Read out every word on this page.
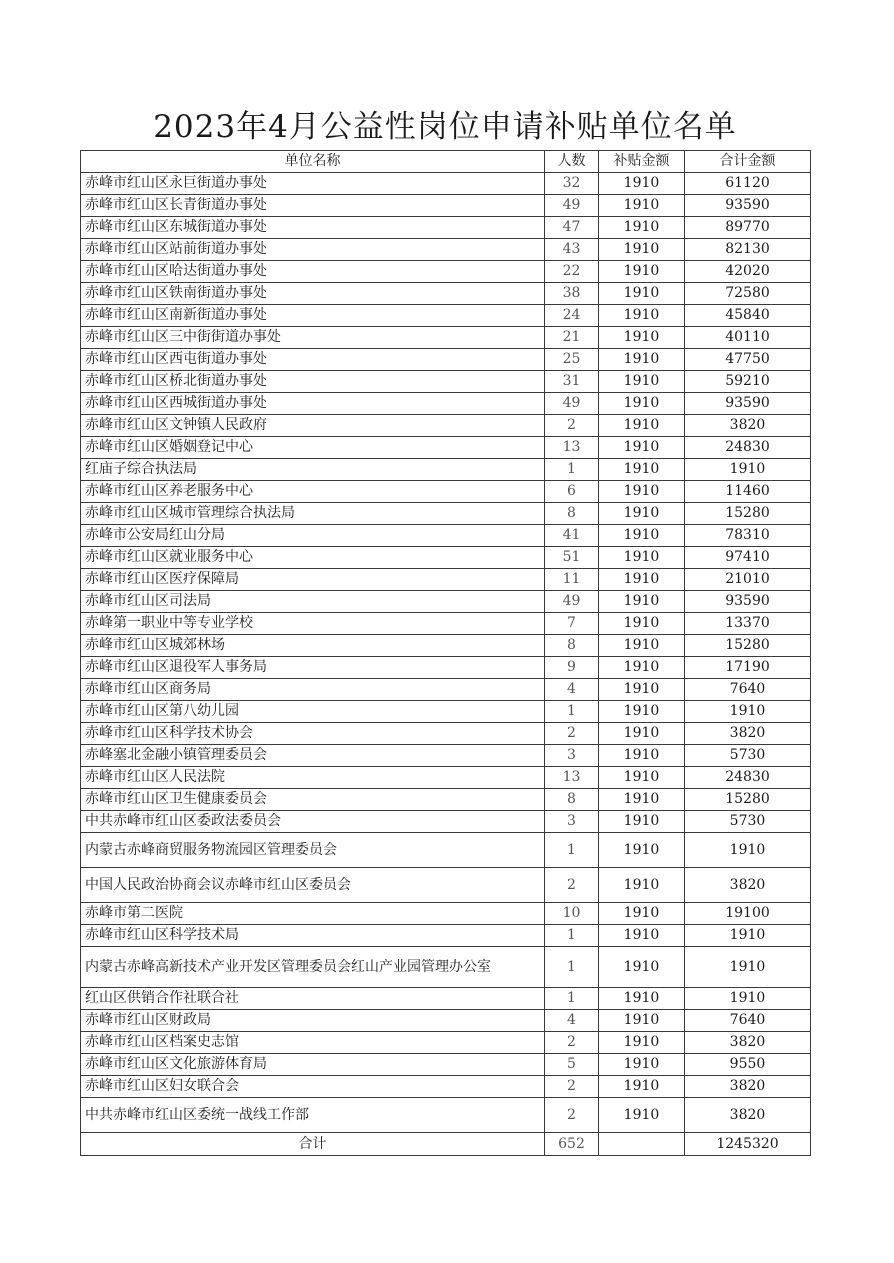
2023年4月公益性岗位申请补贴单位名单
单位名称	人数	补贴金额	合计金额
赤峰市红山区永巨街道办事处	32	1910	61120
赤峰市红山区长青街道办事处	49	1910	93590
赤峰市红山区东城街道办事处	47	1910	89770
赤峰市红山区站前街道办事处	43	1910	82130
赤峰市红山区哈达街道办事处	22	1910	42020
赤峰市红山区铁南街道办事处	38	1910	72580
赤峰市红山区南新街道办事处	24	1910	45840
赤峰市红山区三中街街道办事处	21	1910	40110
赤峰市红山区西屯街道办事处	25	1910	47750
赤峰市红山区桥北街道办事处	31	1910	59210
赤峰市红山区西城街道办事处	49	1910	93590
赤峰市红山区文钟镇人民政府	2	1910	3820
赤峰市红山区婚姻登记中心	13	1910	24830
红庙子综合执法局	1	1910	1910
赤峰市红山区养老服务中心	6	1910	11460
赤峰市红山区城市管理综合执法局	8	1910	15280
赤峰市公安局红山分局	41	1910	78310
赤峰市红山区就业服务中心	51	1910	97410
赤峰市红山区医疗保障局	11	1910	21010
赤峰市红山区司法局	49	1910	93590
赤峰第一职业中等专业学校	7	1910	13370
赤峰市红山区城郊林场	8	1910	15280
赤峰市红山区退役军人事务局	9	1910	17190
赤峰市红山区商务局	4	1910	7640
赤峰市红山区第八幼儿园	1	1910	1910
赤峰市红山区科学技术协会	2	1910	3820
赤峰塞北金融小镇管理委员会	3	1910	5730
赤峰市红山区人民法院	13	1910	24830
赤峰市红山区卫生健康委员会	8	1910	15280
中共赤峰市红山区委政法委员会	3	1910	5730
内蒙古赤峰商贸服务物流园区管理委员会	1	1910	1910
中国人民政治协商会议赤峰市红山区委员会	2	1910	3820
赤峰市第二医院	10	1910	19100
赤峰市红山区科学技术局	1	1910	1910
内蒙古赤峰高新技术产业开发区管理委员会红山产业园管理办公室	1	1910	1910
红山区供销合作社联合社	1	1910	1910
赤峰市红山区财政局	4	1910	7640
赤峰市红山区档案史志馆	2	1910	3820
赤峰市红山区文化旅游体育局	5	1910	9550
赤峰市红山区妇女联合会	2	1910	3820
中共赤峰市红山区委统一战线工作部	2	1910	3820
合计	652		1245320
